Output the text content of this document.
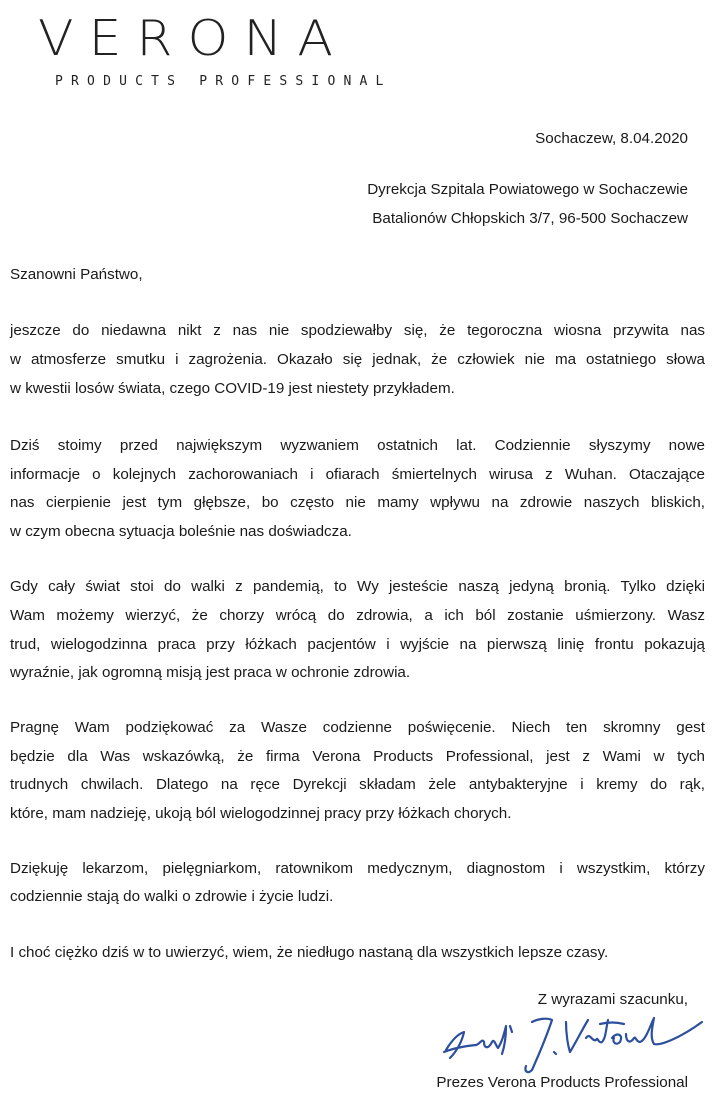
VERONA
PRODUCTS PROFESSIONAL
Sochaczew, 8.04.2020
Dyrekcja Szpitala Powiatowego w Sochaczewie
Batalionów Chłopskich 3/7, 96-500 Sochaczew
Szanowni Państwo,
jeszcze do niedawna nikt z nas nie spodziewałby się, że tegoroczna wiosna przywita nas
w atmosferze smutku i zagrożenia. Okazało się jednak, że człowiek nie ma ostatniego słowa
w kwestii losów świata, czego COVID-19 jest niestety przykładem.
Dziś stoimy przed największym wyzwaniem ostatnich lat. Codziennie słyszymy nowe
informacje o kolejnych zachorowaniach i ofiarach śmiertelnych wirusa z Wuhan. Otaczające
nas cierpienie jest tym głębsze, bo często nie mamy wpływu na zdrowie naszych bliskich,
w czym obecna sytuacja boleśnie nas doświadcza.
Gdy cały świat stoi do walki z pandemią, to Wy jesteście naszą jedyną bronią. Tylko dzięki
Wam możemy wierzyć, że chorzy wrócą do zdrowia, a ich ból zostanie uśmierzony. Wasz
trud, wielogodzinna praca przy łóżkach pacjentów i wyjście na pierwszą linię frontu pokazują
wyraźnie, jak ogromną misją jest praca w ochronie zdrowia.
Pragnę Wam podziękować za Wasze codzienne poświęcenie. Niech ten skromny gest
będzie dla Was wskazówką, że firma Verona Products Professional, jest z Wami w tych
trudnych chwilach. Dlatego na ręce Dyrekcji składam żele antybakteryjne i kremy do rąk,
które, mam nadzieję, ukoją ból wielogodzinnej pracy przy łóżkach chorych.
Dziękuję lekarzom, pielęgniarkom, ratownikom medycznym, diagnostom i wszystkim, którzy
codziennie stają do walki o zdrowie i życie ludzi.
I choć ciężko dziś w to uwierzyć, wiem, że niedługo nastaną dla wszystkich lepsze czasy.
Z wyrazami szacunku,
Prezes Verona Products Professional
